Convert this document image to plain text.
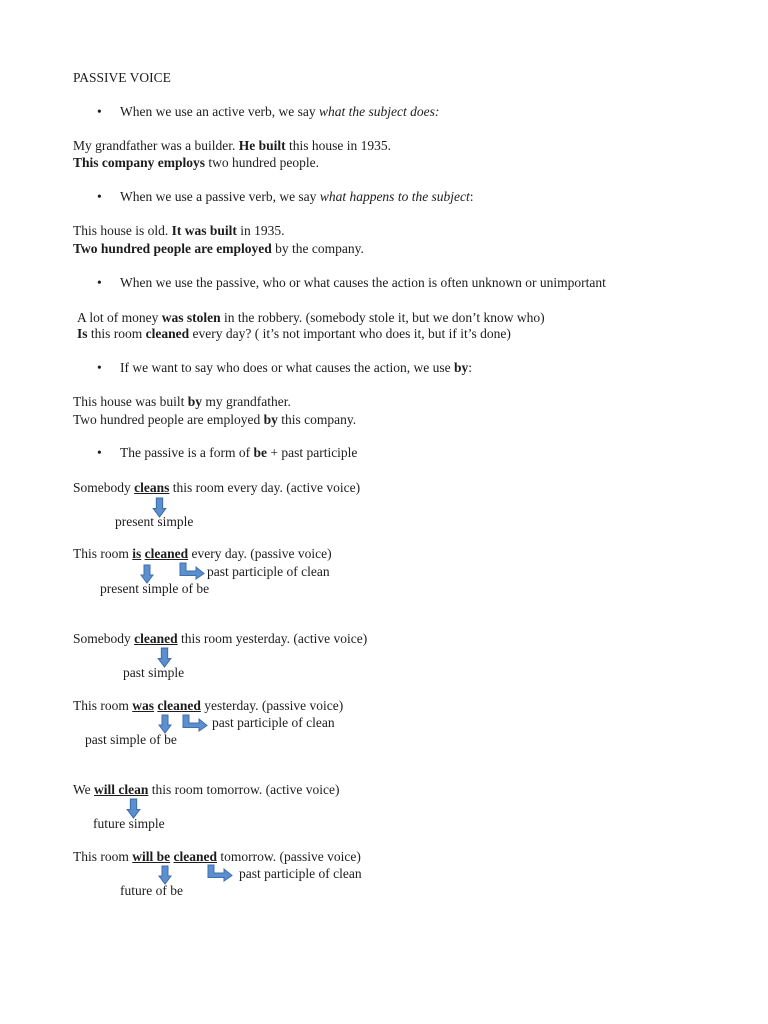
PASSIVE VOICE
• When we use an active verb, we say what the subject does:
My grandfather was a builder. He built this house in 1935.
This company employs two hundred people.
• When we use a passive verb, we say what happens to the subject:
This house is old. It was built in 1935.
Two hundred people are employed by the company.
• When we use the passive, who or what causes the action is often unknown or unimportant
A lot of money was stolen in the robbery. (somebody stole it, but we don’t know who)
Is this room cleaned every day? ( it’s not important who does it, but if it’s done)
• If we want to say who does or what causes the action, we use by:
This house was built by my grandfather.
Two hundred people are employed by this company.
• The passive is a form of be + past participle
Somebody cleans this room every day. (active voice)
present simple
This room is cleaned every day. (passive voice)
past participle of clean
present simple of be
Somebody cleaned this room yesterday. (active voice)
past simple
This room was cleaned yesterday. (passive voice)
past participle of clean
past simple of be
We will clean this room tomorrow. (active voice)
future simple
This room will be cleaned tomorrow. (passive voice)
past participle of clean
future of be
